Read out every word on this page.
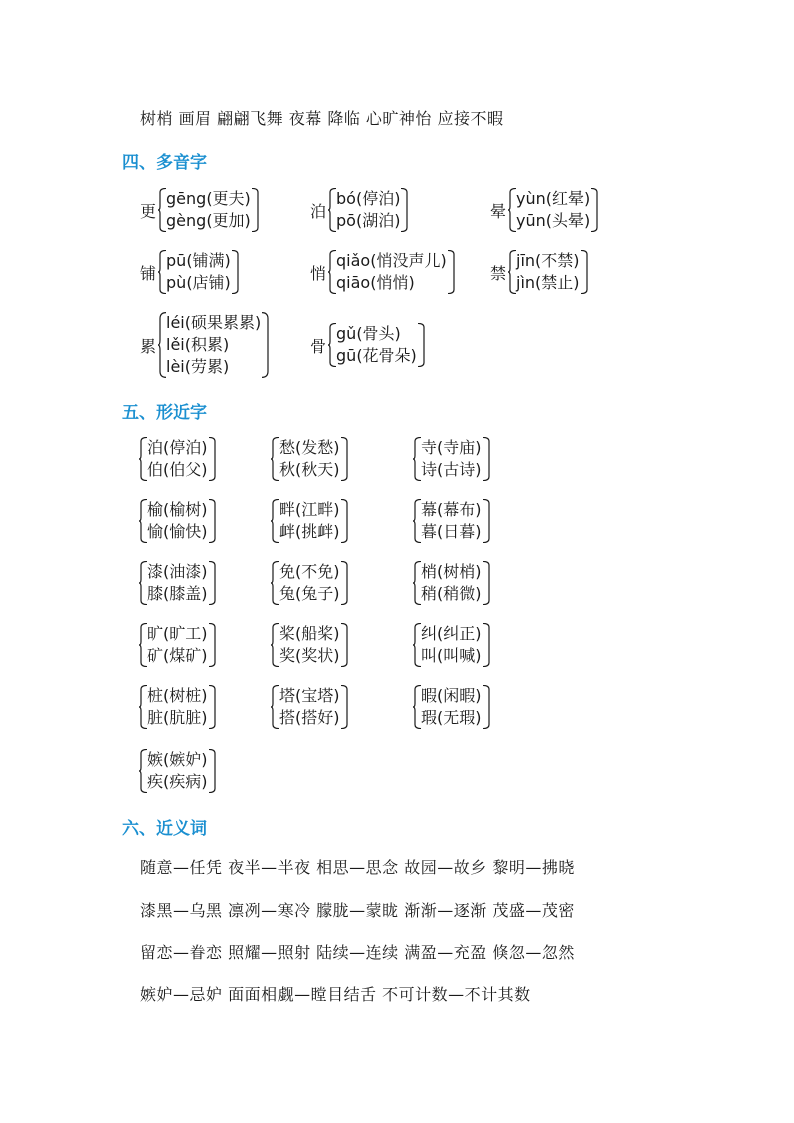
树梢 画眉 翩翩飞舞 夜幕 降临 心旷神怡 应接不暇
四、多音字
更
gēng(更夫)
gèng(更加)	泊
bó(停泊)
pō(湖泊)	晕
yùn(红晕)
yūn(头晕)
铺
pū(铺满)
pù(店铺)	悄
qiǎo(悄没声儿)
qiāo(悄悄)	禁
jīn(不禁)
jìn(禁止)
累
léi(硕果累累)
lěi(积累)
lèi(劳累)
骨
gǔ(骨头)
gū(花骨朵)
五、形近字
泊(停泊)
伯(伯父)
愁(发愁)
秋(秋天)
寺(寺庙)
诗(古诗)
榆(榆树)
愉(愉快)
畔(江畔)
衅(挑衅)
幕(幕布)
暮(日暮)
漆(油漆)
膝(膝盖)
免(不免)
兔(兔子)
梢(树梢)
稍(稍微)
旷(旷工)
矿(煤矿)
桨(船桨)
奖(奖状)
纠(纠正)
叫(叫喊)
桩(树桩)
脏(肮脏)
塔(宝塔)
搭(搭好)
暇(闲暇)
瑕(无瑕)
嫉(嫉妒)
疾(疾病)
六、近义词
随意—任凭 夜半—半夜 相思—思念 故园—故乡 黎明—拂晓
漆黑—乌黑 凛冽—寒冷 朦胧—蒙眬 渐渐—逐渐 茂盛—茂密
留恋—眷恋 照耀—照射 陆续—连续 满盈—充盈 倏忽—忽然
嫉妒—忌妒 面面相觑—瞠目结舌 不可计数—不计其数
